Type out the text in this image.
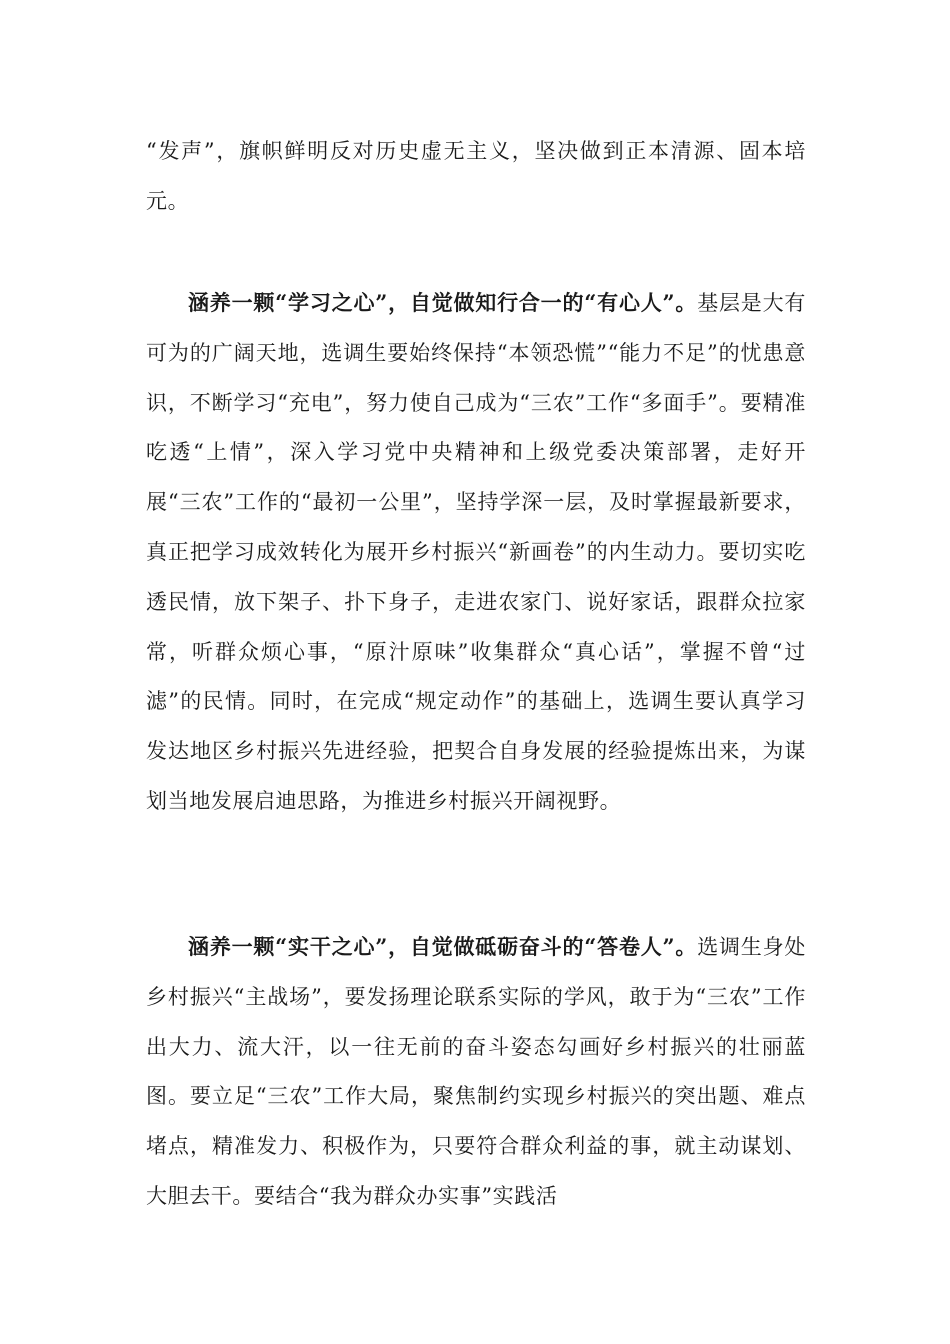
“发声”，旗帜鲜明反对历史虚无主义，坚决做到正本清源、固本培元。

涵养一颗“学习之心”，自觉做知行合一的“有心人”。基层是大有可为的广阔天地，选调生要始终保持“本领恐慌”“能力不足”的忧患意识，不断学习“充电”，努力使自己成为“三农”工作“多面手”。要精准吃透“上情”，深入学习党中央精神和上级党委决策部署，走好开展“三农”工作的“最初一公里”，坚持学深一层，及时掌握最新要求，真正把学习成效转化为展开乡村振兴“新画卷”的内生动力。要切实吃透民情，放下架子、扑下身子，走进农家门、说好家话，跟群众拉家常，听群众烦心事，“原汁原味”收集群众“真心话”，掌握不曾“过滤”的民情。同时，在完成“规定动作”的基础上，选调生要认真学习发达地区乡村振兴先进经验，把契合自身发展的经验提炼出来，为谋划当地发展启迪思路，为推进乡村振兴开阔视野。

涵养一颗“实干之心”，自觉做砥砺奋斗的“答卷人”。选调生身处乡村振兴“主战场”，要发扬理论联系实际的学风，敢于为“三农”工作出大力、流大汗，以一往无前的奋斗姿态勾画好乡村振兴的壮丽蓝图。要立足“三农”工作大局，聚焦制约实现乡村振兴的突出题、难点堵点，精准发力、积极作为，只要符合群众利益的事，就主动谋划、大胆去干。要结合“我为群众办实事”实践活
